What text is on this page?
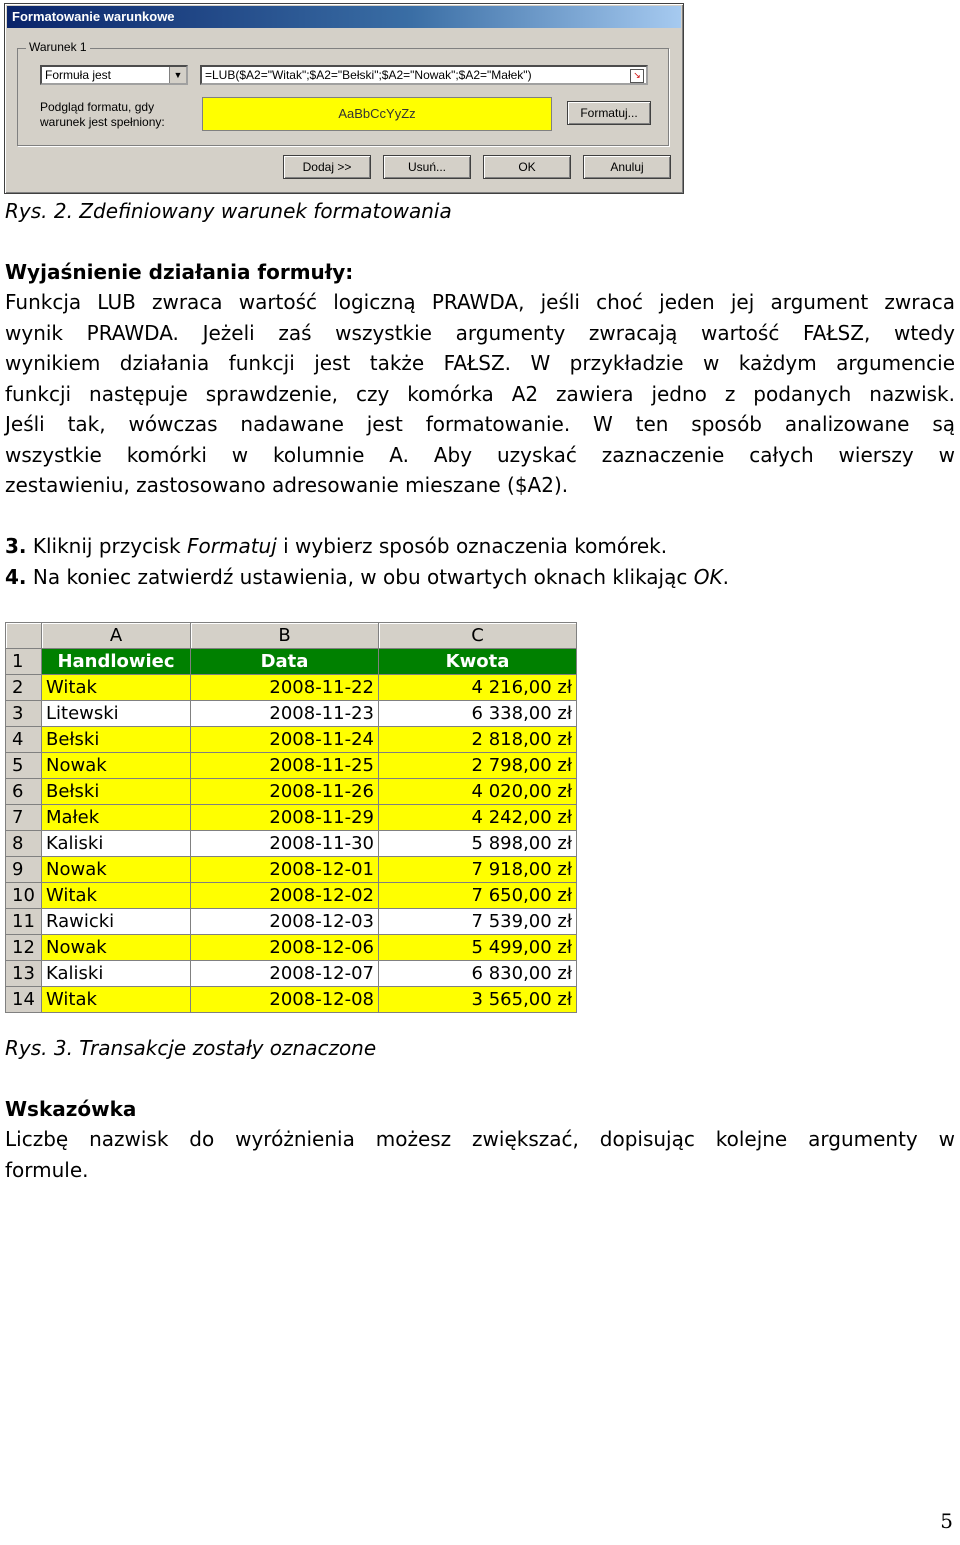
Formatowanie warunkowe
Warunek 1
Formuła jest	▼	=LUB($A2="Witak";$A2="Bełski";$A2="Nowak";$A2="Małek")	↘
Podgląd formatu, gdy
warunek jest spełniony:
AaBbCcYyZz	Formatuj...
Dodaj >>	Usuń...	OK	Anuluj
Rys. 2. Zdefiniowany warunek formatowania
Wyjaśnienie działania formuły:
Funkcja LUB zwraca wartość logiczną PRAWDA, jeśli choć jeden jej argument zwraca
wynik PRAWDA. Jeżeli zaś wszystkie argumenty zwracają wartość FAŁSZ, wtedy
wynikiem działania funkcji jest także FAŁSZ. W przykładzie w każdym argumencie
funkcji następuje sprawdzenie, czy komórka A2 zawiera jedno z podanych nazwisk.
Jeśli tak, wówczas nadawane jest formatowanie. W ten sposób analizowane są
wszystkie komórki w kolumnie A. Aby uzyskać zaznaczenie całych wierszy w
zestawieniu, zastosowano adresowanie mieszane ($A2).
3. Kliknij przycisk Formatuj i wybierz sposób oznaczenia komórek.
4. Na koniec zatwierdź ustawienia, w obu otwartych oknach klikając OK.
	A	B	C
1	Handlowiec	Data	Kwota
2	Witak	2008-11-22	4 216,00 zł
3	Litewski	2008-11-23	6 338,00 zł
4	Bełski	2008-11-24	2 818,00 zł
5	Nowak	2008-11-25	2 798,00 zł
6	Bełski	2008-11-26	4 020,00 zł
7	Małek	2008-11-29	4 242,00 zł
8	Kaliski	2008-11-30	5 898,00 zł
9	Nowak	2008-12-01	7 918,00 zł
10	Witak	2008-12-02	7 650,00 zł
11	Rawicki	2008-12-03	7 539,00 zł
12	Nowak	2008-12-06	5 499,00 zł
13	Kaliski	2008-12-07	6 830,00 zł
14	Witak	2008-12-08	3 565,00 zł
Rys. 3. Transakcje zostały oznaczone
Wskazówka
Liczbę nazwisk do wyróżnienia możesz zwiększać, dopisując kolejne argumenty w
formule.
5
